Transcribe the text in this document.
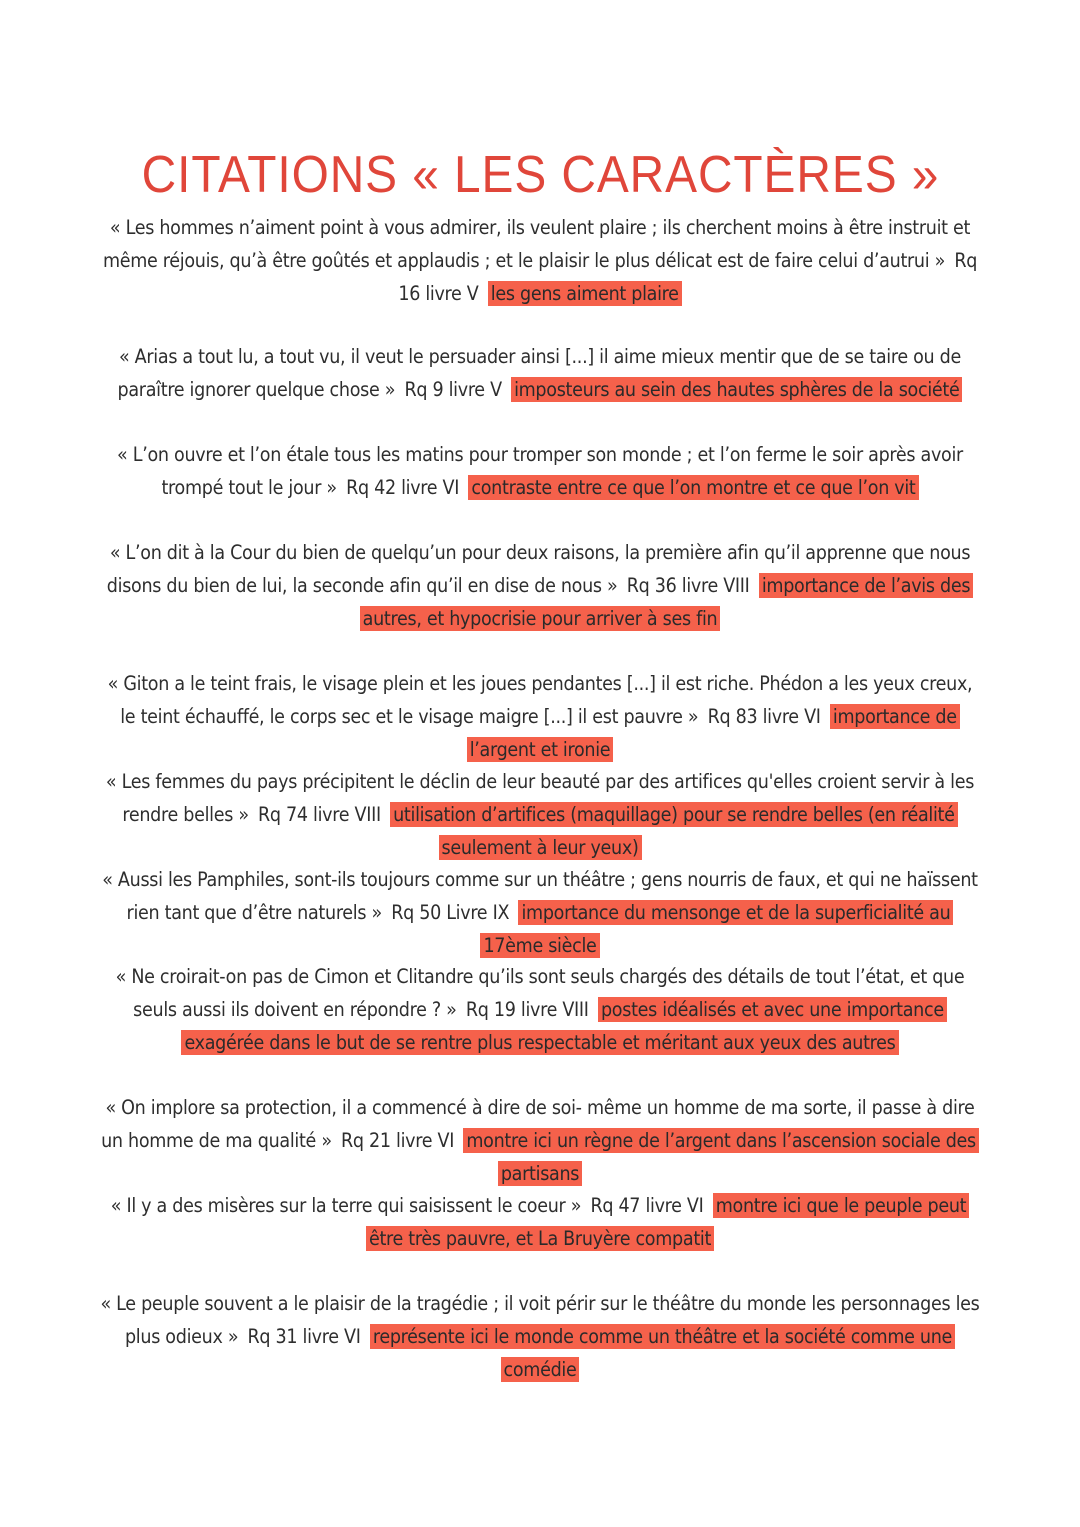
CITATIONS « LES CARACTÈRES »
« Les hommes n’aiment point à vous admirer, ils veulent plaire ; ils cherchent moins à être instruit et même réjouis, qu’à être goûtés et applaudis ; et le plaisir le plus délicat est de faire celui d’autrui » Rq 16 livre V les gens aiment plaire
« Arias a tout lu, a tout vu, il veut le persuader ainsi [...] il aime mieux mentir que de se taire ou de paraître ignorer quelque chose » Rq 9 livre V imposteurs au sein des hautes sphères de la société
« L’on ouvre et l’on étale tous les matins pour tromper son monde ; et l’on ferme le soir après avoir trompé tout le jour » Rq 42 livre VI contraste entre ce que l’on montre et ce que l’on vit
« L’on dit à la Cour du bien de quelqu’un pour deux raisons, la première afin qu’il apprenne que nous disons du bien de lui, la seconde afin qu’il en dise de nous » Rq 36 livre VIII importance de l’avis des autres, et hypocrisie pour arriver à ses fin
« Giton a le teint frais, le visage plein et les joues pendantes [...] il est riche. Phédon a les yeux creux, le teint échauffé, le corps sec et le visage maigre [...] il est pauvre » Rq 83 livre VI importance de l’argent et ironie
« Les femmes du pays précipitent le déclin de leur beauté par des artifices qu'elles croient servir à les rendre belles » Rq 74 livre VIII utilisation d’artifices (maquillage) pour se rendre belles (en réalité seulement à leur yeux)
« Aussi les Pamphiles, sont-ils toujours comme sur un théâtre ; gens nourris de faux, et qui ne haïssent rien tant que d’être naturels » Rq 50 Livre IX importance du mensonge et de la superficialité au 17ème siècle
« Ne croirait-on pas de Cimon et Clitandre qu’ils sont seuls chargés des détails de tout l’état, et que seuls aussi ils doivent en répondre ? » Rq 19 livre VIII postes idéalisés et avec une importance exagérée dans le but de se rentre plus respectable et méritant aux yeux des autres
« On implore sa protection, il a commencé à dire de soi- même un homme de ma sorte, il passe à dire un homme de ma qualité » Rq 21 livre VI montre ici un règne de l’argent dans l’ascension sociale des partisans
« Il y a des misères sur la terre qui saisissent le coeur » Rq 47 livre VI montre ici que le peuple peut être très pauvre, et La Bruyère compatit
« Le peuple souvent a le plaisir de la tragédie ; il voit périr sur le théâtre du monde les personnages les plus odieux » Rq 31 livre VI représente ici le monde comme un théâtre et la société comme une comédie
